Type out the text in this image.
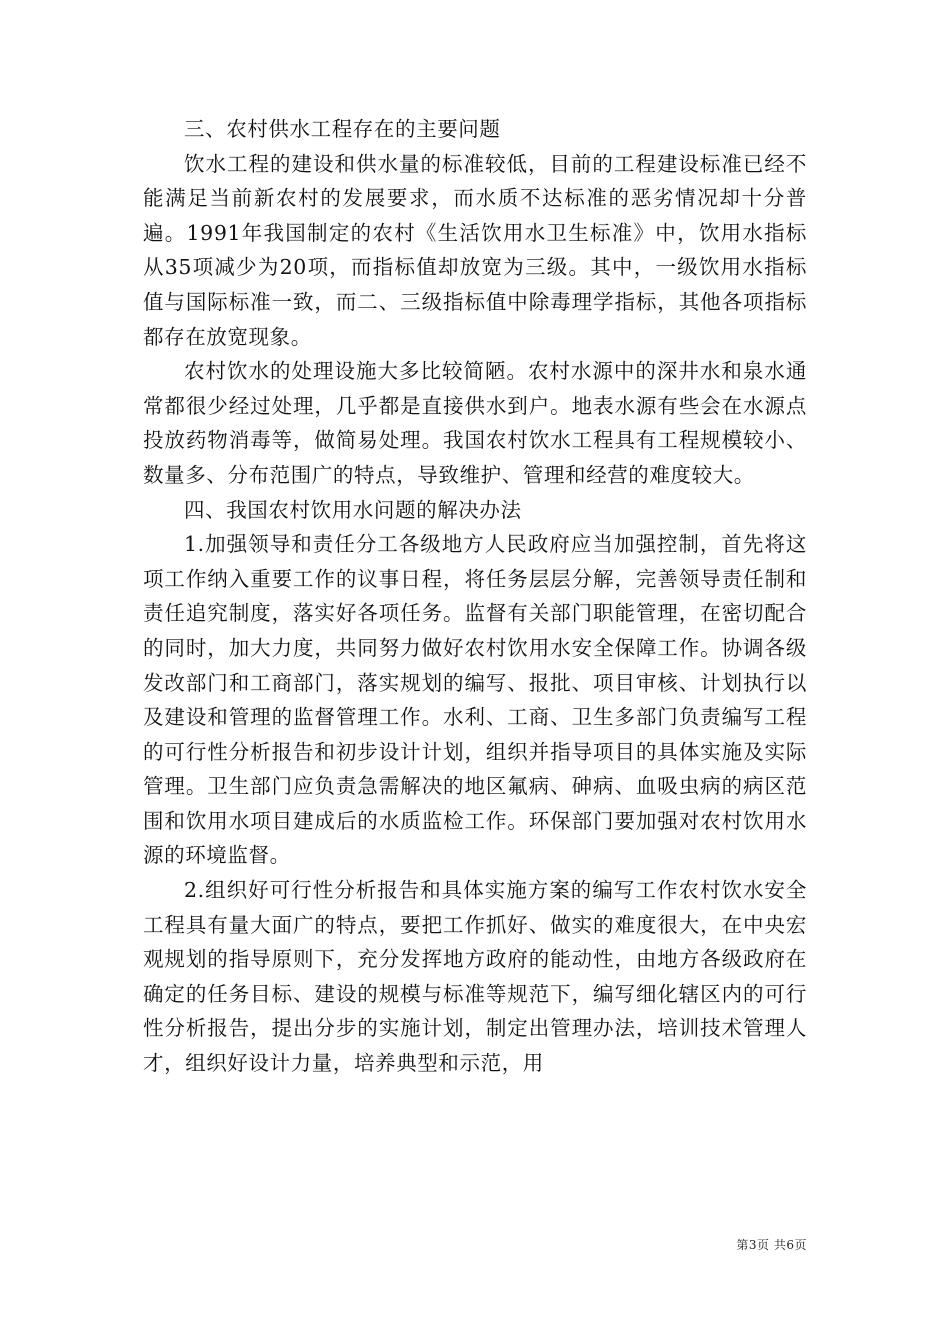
三、农村供水工程存在的主要问题

饮水工程的建设和供水量的标准较低，目前的工程建设标准已经不能满足当前新农村的发展要求，而水质不达标准的恶劣情况却十分普遍。1991年我国制定的农村《生活饮用水卫生标准》中，饮用水指标从35项减少为20项，而指标值却放宽为三级。其中，一级饮用水指标值与国际标准一致，而二、三级指标值中除毒理学指标，其他各项指标都存在放宽现象。

农村饮水的处理设施大多比较简陋。农村水源中的深井水和泉水通常都很少经过处理，几乎都是直接供水到户。地表水源有些会在水源点投放药物消毒等，做简易处理。我国农村饮水工程具有工程规模较小、数量多、分布范围广的特点，导致维护、管理和经营的难度较大。

四、我国农村饮用水问题的解决办法

1.加强领导和责任分工各级地方人民政府应当加强控制，首先将这项工作纳入重要工作的议事日程，将任务层层分解，完善领导责任制和责任追究制度，落实好各项任务。监督有关部门职能管理，在密切配合的同时，加大力度，共同努力做好农村饮用水安全保障工作。协调各级发改部门和工商部门，落实规划的编写、报批、项目审核、计划执行以及建设和管理的监督管理工作。水利、工商、卫生多部门负责编写工程的可行性分析报告和初步设计计划，组织并指导项目的具体实施及实际管理。卫生部门应负责急需解决的地区氟病、砷病、血吸虫病的病区范围和饮用水项目建成后的水质监检工作。环保部门要加强对农村饮用水源的环境监督。

2.组织好可行性分析报告和具体实施方案的编写工作农村饮水安全工程具有量大面广的特点，要把工作抓好、做实的难度很大，在中央宏观规划的指导原则下，充分发挥地方政府的能动性，由地方各级政府在确定的任务目标、建设的规模与标准等规范下，编写细化辖区内的可行性分析报告，提出分步的实施计划，制定出管理办法，培训技术管理人才，组织好设计力量，培养典型和示范，用

第3页 共6页
